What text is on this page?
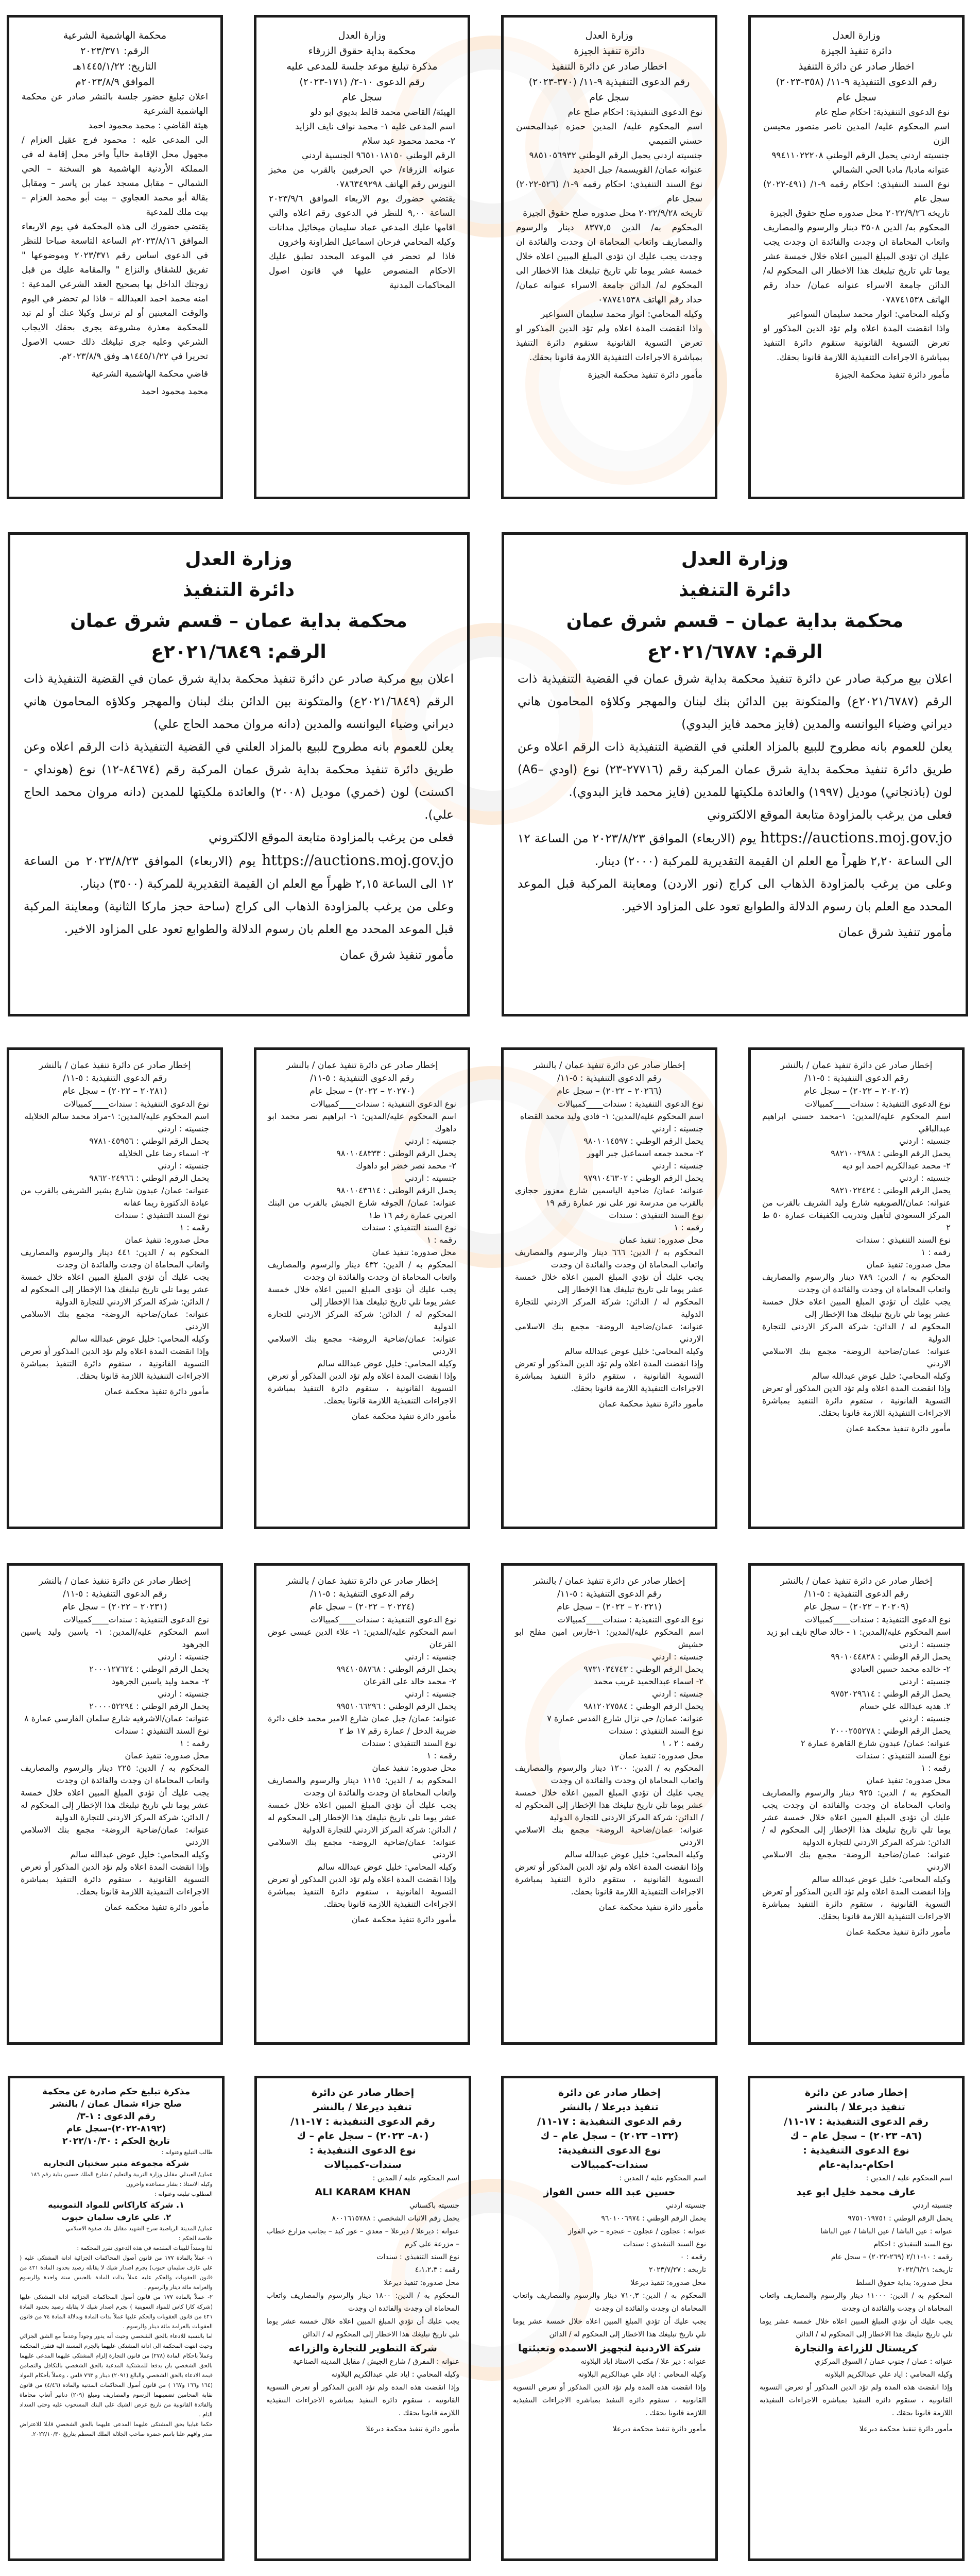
وزارة العدل
دائرة تنفيذ الجيزة
اخطار صادر عن دائرة التنفيذ
رقم الدعوى التنفيذية ٩-١١/ (٣٥٨-٢٠٢٣)
سجل عام
نوع الدعوى التنفيذية: احكام صلح عام
اسم المحكوم عليه/ المدين ناصر منصور محيسن الزن
جنسيته اردني يحمل الرقم الوطني ٩٩٤١١٠٢٢٢٠٨
عنوانه مادبا/ مادبا الحي الشمالي
نوع السند التنفيذي: احكام رقمه ٩-١/ (٤٩١-٢٠٢٢) سجل عام
تاريخه ٢٠٢٢/٩/٢٦ محل صدوره صلح حقوق الجيزة
المحكوم به/ الدين ٣٥٠٨ دينار والرسوم والمصاريف واتعاب المحاماة ان وجدت والفائدة ان وجدت يجب عليك ان تؤدي المبلغ المبين اعلاه خلال خمسة عشر يوما تلي تاريخ تبليغك هذا الاخطار الى المحكوم له/ الدائن جامعة الاسراء عنوانه عمان/ حداد رقم الهاتف ٠٧٨٧٤١٥٣٨
وكيله المحامي: انوار محمد سليمان السواعير
واذا انقضت المدة اعلاه ولم تؤد الدين المذكور او تعرض التسوية القانونية ستقوم دائرة التنفيذ بمباشرة الاجراءات التنفيذية اللازمة قانونا بحقك.
مأمور دائرة تنفيذ محكمة الجيزة
وزارة العدل
دائرة تنفيذ الجيزة
اخطار صادر عن دائرة التنفيذ
رقم الدعوى التنفيذية ٩-١١/ (٣٧٠-٢٠٢٣)
سجل عام
نوع الدعوى التنفيذية: احكام صلح عام
اسم المحكوم عليه/ المدين حمزه عبدالمحسن حسني التميمي
جنسيته اردني يحمل الرقم الوطني ٩٨٥١٠٥٦٩٣٢
عنوانه عمان/ القويسمة/ جبل الحديد
نوع السند التنفيذي: احكام رقمه ٩-١/ (٥٢٦-٢٠٢٢) سجل عام
تاريخه ٢٠٢٢/٩/٢٨ محل صدوره صلح حقوق الجيزة
المحكوم به/ الدين ٨٣٧٧,٥ دينار والرسوم والمصاريف واتعاب المحاماة ان وجدت والفائدة ان وجدت يجب عليك ان تؤدي المبلغ المبين اعلاه خلال خمسة عشر يوما تلي تاريخ تبليغك هذا الاخطار الى المحكوم له/ الدائن جامعة الاسراء عنوانه عمان/ حداد رقم الهاتف ٠٧٨٧٤١٥٣٨
وكيله المحامي: انوار محمد سليمان السواعير
واذا انقضت المدة اعلاه ولم تؤد الدين المذكور او تعرض التسوية القانونية ستقوم دائرة التنفيذ بمباشرة الاجراءات التنفيذية اللازمة قانونا بحقك.
مأمور دائرة تنفيذ محكمة الجيزة
وزارة العدل
محكمة بداية حقوق الزرقاء
مذكرة تبليغ موعد جلسة للمدعى عليه
رقم الدعوى ١٠-٢/ (١٧١-٢٠٢٣)
سجل عام
الهيئة/ القاضي محمد قالط بديوي ابو دلو
اسم المدعى عليه ١- محمد نواف نايف الزايد
٢- محمد محمود عبد سلام
الرقم الوطني ٩٦٥١٠١٨١٥٠ الجنسية اردني
عنوانه الزرقاء/ حي الحرفيين بالقرب من مخبز النورس رقم الهاتف ٠٧٨٦٣٤٩٢٩٨
يقتضي حضورك يوم الاربعاء الموافق ٢٠٢٣/٩/٦ الساعة ٩,٠٠ للنظر في الدعوى رقم اعلاه والتي اقامها عليك المدعي عماد سليمان ميخائيل مدانات وكيله المحامي فرحان اسماعيل الطراونة واخرون
فاذا لم تحضر في الموعد المحدد تطبق عليك الاحكام المنصوص عليها في قانون اصول المحاكمات المدنية
محكمة الهاشمية الشرعية
الرقم: ٢٠٢٣/٣٧١
التاريخ: ١٤٤٥/١/٢٢هـ
الموافق ٢٠٢٣/٨/٩م
اعلان تبليغ حضور جلسة بالنشر صادر عن محكمة الهاشمية الشرعية
هيئة القاضي : محمد محمود احمد
الى المدعى عليه : محمود فرج عقيل العزام / مجهول محل الإقامة حالياً واخر محل إقامة له في المملكة الأردنية الهاشمية هو السخنة – الحي الشمالي – مقابل مسجد عمار بن ياسر – ومقابل بقالة أبو محمد العجاوي – بيت أبو محمد العزام – بيت ملك للمدعية
يقتضي حضورك الى هذه المحكمة في يوم الاربعاء الموافق ٢٠٢٣/٨/١٦م الساعة التاسعة صباحا للنظر في الدعوى اساس رقم ٢٠٢٣/٣٧١ وموضوعها " تفريق للشقاق والنزاع " والمقامة عليك من قبل زوجتك الداخل بها بصحيح العقد الشرعي المدعية : امنه محمد احمد العبدالله – فاذا لم تحضر في اليوم والوقت المعينين أو لم ترسل وكيلا عنك أو لم تبد للمحكمة معذرة مشروعة يجرى بحقك الايجاب الشرعي وعليه جرى تبليغك ذلك حسب الاصول تحريرا في ١٤٤٥/١/٢٢هـ وفق ٢٠٢٣/٨/٩م.
قاضي محكمة الهاشمية الشرعية
محمد محمود احمد
وزارة العدل
دائرة التنفيذ
محكمة بداية عمان – قسم شرق عمان
الرقم: ٢٠٢١/٦٧٨٧ع
اعلان بيع مركبة صادر عن دائرة تنفيذ محكمة بداية شرق عمان في القضية التنفيذية ذات الرقم (٢٠٢١/٦٧٨٧ع) والمتكونة بين الدائن بنك لبنان والمهجر وكلاؤه المحامون هاني ديراني وضياء اليوانسه والمدين (فايز محمد فايز البدوي)
يعلن للعموم بانه مطروح للبيع بالمزاد العلني في القضية التنفيذية ذات الرقم اعلاه وعن طريق دائرة تنفيذ محكمة بداية شرق عمان المركبة رقم (٢٧٧١٦-٢٣) نوع (اودي –A6) لون (باذنجاني) موديل (١٩٩٧) والعائدة ملكيتها للمدين (فايز محمد فايز البدوي).
فعلى من يرغب بالمزاودة متابعة الموقع الالكتروني
https://auctions.moj.gov.jo يوم (الاربعاء) الموافق ٢٠٢٣/٨/٢٣ من الساعة ١٢ الى الساعة ٢,٢٠ ظهراً مع العلم ان القيمة التقديرية للمركبة (٢٠٠٠) دينار.
وعلى من يرغب بالمزاودة الذهاب الى كراج (نور الاردن) ومعاينة المركبة قبل الموعد المحدد مع العلم بان رسوم الدلالة والطوابع تعود على المزاود الاخير.
مأمور تنفيذ شرق عمان
وزارة العدل
دائرة التنفيذ
محكمة بداية عمان – قسم شرق عمان
الرقم: ٢٠٢١/٦٨٤٩ع
اعلان بيع مركبة صادر عن دائرة تنفيذ محكمة بداية شرق عمان في القضية التنفيذية ذات الرقم (٢٠٢١/٦٨٤٩ع) والمتكونة بين الدائن بنك لبنان والمهجر وكلاؤه المحامون هاني ديراني وضياء اليوانسه والمدين (دانه مروان محمد الحاج علي)
يعلن للعموم بانه مطروح للبيع بالمزاد العلني في القضية التنفيذية ذات الرقم اعلاه وعن طريق دائرة تنفيذ محكمة بداية شرق عمان المركبة رقم (٨٤٦٧٤-١٢) نوع (هونداي - اكسنت) لون (خمري) موديل (٢٠٠٨) والعائدة ملكيتها للمدين (دانه مروان محمد الحاج علي).
فعلى من يرغب بالمزاودة متابعة الموقع الالكتروني
https://auctions.moj.gov.jo يوم (الاربعاء) الموافق ٢٠٢٣/٨/٢٣ من الساعة ١٢ الى الساعة ٢,١٥ ظهراً مع العلم ان القيمة التقديرية للمركبة (٣٥٠٠) دينار.
وعلى من يرغب بالمزاودة الذهاب الى كراج (ساحة حجز ماركا الثانية) ومعاينة المركبة قبل الموعد المحدد مع العلم بان رسوم الدلالة والطوابع تعود على المزاود الاخير.
مأمور تنفيذ شرق عمان
إخطار صادر عن دائرة تنفيذ عمان / بالنشر
رقم الدعوى التنفيذية : ٥-١١/
(٢٠٢٠٢ – ٢٠٢٢) – سجل عام
نوع الدعوى التنفيذية : سندات____كمبيالات
اسم المحكوم عليه/المدين: ١-محمد حسني ابراهيم عبدالباقي
جنسيته : اردني
يحمل الرقم الوطني : ٩٨٢١٠٠٢٩٨٨
٢- محمد عبدالكريم احمد ابو ديه
جنسيته : اردني
يحمل الرقم الوطني : ٩٨٢١٠٢٢٤٢٤
عنوانه: عمان/الصويفيه شارع وليد الشريف بالقرب من المركز السعودي لتأهيل وتدريب الكفيفات عمارة ٥٠ ط ٢
نوع السند التنفيذي : سندات
رقمه : ١
محل صدوره: تنفيذ عمان
المحكوم به / الدين: ٧٨٩ دينار والرسوم والمصاريف واتعاب المحاماة ان وجدت والفائدة ان وجدت
يجب عليك أن تؤدي المبلغ المبين اعلاه خلال خمسة عشر يوما تلي تاريخ تبليغك هذا الإخطار إلى
المحكوم له / الدائن: شركة المركز الاردني للتجارة الدولية
عنوانه: عمان/ضاحية الروضة- مجمع بنك الاسلامي الاردني
وكيله المحامي: خليل عوض عبدالله سالم
وإذا انقضت المدة اعلاه ولم تؤد الدين المذكور أو تعرض التسوية القانونية ، ستقوم دائرة التنفيذ بمباشرة الاجراءات التنفيذية اللازمة قانونا بحقك.
مأمور دائرة تنفيذ محكمة عمان
إخطار صادر عن دائرة تنفيذ عمان / بالنشر
رقم الدعوى التنفيذية : ٥-١١/
(٢٠٢٦٦ – ٢٠٢٢) – سجل عام
نوع الدعوى التنفيذية : سندات____كمبيالات
اسم المحكوم عليه/المدين: ١- فادي وليد محمد القضاه
جنسيته : اردني
يحمل الرقم الوطني : ٩٨٠١٠١٤٥٩٧
٢- محمد جمعه اسماعيل جبر الهور
جنسيته : اردني
يحمل الرقم الوطني : ٩٧٩١٠٤٦٣٠٢
عنوانه: عمان/ ضاحية الياسمين شارع معزوز حجازي بالقرب من مدرسة نور على نور عمارة رقم ١٩
نوع السند التنفيذي : سندات
رقمه : ١
محل صدوره: تنفيذ عمان
المحكوم به / الدين: ٦٦٦ دينار والرسوم والمصاريف واتعاب المحاماة ان وجدت والفائدة ان وجدت
يجب عليك أن تؤدي المبلغ المبين اعلاه خلال خمسة عشر يوما تلي تاريخ تبليغك هذا الإخطار إلى
المحكوم له / الدائن: شركة المركز الاردني للتجارة الدولية
عنوانه: عمان/ضاحية الروضة- مجمع بنك الاسلامي الاردني
وكيله المحامي: خليل عوض عبدالله سالم
وإذا انقضت المدة اعلاه ولم تؤد الدين المذكور أو تعرض التسوية القانونية ، ستقوم دائرة التنفيذ بمباشرة الاجراءات التنفيذية اللازمة قانونا بحقك.
مأمور دائرة تنفيذ محكمة عمان
إخطار صادر عن دائرة تنفيذ عمان / بالنشر
رقم الدعوى التنفيذية : ٥-١١/
(٢٠٢٧٠ – ٢٠٢٢) – سجل عام
نوع الدعوى التنفيذية : سندات____كمبيالات
اسم المحكوم عليه/المدين: ١- ابراهيم نصر محمد ابو داهوك
جنسيته : اردني
يحمل الرقم الوطني : ٩٨٠١٠٤٨٣٣٣
٢- محمد نصر خضر ابو داهوك
جنسيته : اردني
يحمل الرقم الوطني : ٩٨٠١٠٤٣٦١٤
عنوانه: عمان/ الجوفه شارع الجيش بالقرب من البنك العربي عمارة رقم ١٦ ط١
نوع السند التنفيذي : سندات
رقمه : ١
محل صدوره: تنفيذ عمان
المحكوم به / الدين: ٤٣٢ دينار والرسوم والمصاريف واتعاب المحاماة ان وجدت والفائدة ان وجدت
يجب عليك أن تؤدي المبلغ المبين اعلاه خلال خمسة عشر يوما تلي تاريخ تبليغك هذا الإخطار إلى
المحكوم له / الدائن: شركة المركز الاردني للتجارة الدولية
عنوانه: عمان/ضاحية الروضة- مجمع بنك الاسلامي الاردني
وكيله المحامي: خليل عوض عبدالله سالم
وإذا انقضت المدة اعلاه ولم تؤد الدين المذكور أو تعرض التسوية القانونية ، ستقوم دائرة التنفيذ بمباشرة الاجراءات التنفيذية اللازمة قانونا بحقك.
مأمور دائرة تنفيذ محكمة عمان
إخطار صادر عن دائرة تنفيذ عمان / بالنشر
رقم الدعوى التنفيذية : ٥-١١/
(٢٠٢٨١ – ٢٠٢٢) – سجل عام
نوع الدعوى التنفيذية : سندات____كمبيالات
اسم المحكوم عليه/المدين: ١-مراد محمد سالم الخلايله
جنسيته : اردني
يحمل الرقم الوطني : ٩٧٨١٠٤٥٩٥٦
٢- اسماء رضا علي الخلايله
جنسيته : اردني
يحمل الرقم الوطني : ٩٨٦٢٠٢٤٩٦٦
عنوانه: عمان/ عبدون شارع بشير الشريفي بالقرب من عيادة الدكتورة ريما عفانه
نوع السند التنفيذي : سندات
رقمه : ١
محل صدوره: تنفيذ عمان
المحكوم به / الدين: ٤٤١ دينار والرسوم والمصاريف واتعاب المحاماة ان وجدت والفائدة ان وجدت
يجب عليك أن تؤدي المبلغ المبين اعلاه خلال خمسة عشر يوما تلي تاريخ تبليغك هذا الإخطار إلى المحكوم له / الدائن: شركة المركز الاردني للتجارة الدولية
عنوانه: عمان/ضاحية الروضة- مجمع بنك الاسلامي الاردني
وكيله المحامي: خليل عوض عبدالله سالم
وإذا انقضت المدة اعلاه ولم تؤد الدين المذكور أو تعرض التسوية القانونية ، ستقوم دائرة التنفيذ بمباشرة الاجراءات التنفيذية اللازمة قانونا بحقك.
مأمور دائرة تنفيذ محكمة عمان
إخطار صادر عن دائرة تنفيذ عمان / بالنشر
رقم الدعوى التنفيذية : ٥-١١/
(٢٠٢٠٩ – ٢٠٢٢) – سجل عام
نوع الدعوى التنفيذية : سندات____كمبيالات
اسم المحكوم عليه/المدين: ١ - خالد صالح نايف ابو زيد
جنسيته : اردني
يحمل الرقم الوطني : ٩٩٠١٠٤٤٨٢٨
٢- خالده محمد حسين العبادي
جنسيته : اردني
يحمل الرقم الوطني : ٩٧٥٢٠٢٩٦١٤
٢. هديه عبدالله علي حسام
جنسيته : اردني
يحمل الرقم الوطني : ٢٠٠٠٢٥٥٢٧٨
عنوانه: عمان/ عبدون شارع القاهرة عمارة ٢
نوع السند التنفيذي : سندات
رقمه : ١
محل صدوره: تنفيذ عمان
المحكوم به / الدين: ٩٢٥ دينار والرسوم والمصاريف واتعاب المحاماة ان وجدت والفائدة ان وجدت يجب عليك أن تؤدي المبلغ المبين اعلاه خلال خمسة عشر يوما تلي تاريخ تبليغك هذا الإخطار إلى المحكوم له / الدائن: شركة المركز الاردني للتجارة الدولية
عنوانه: عمان/ضاحية الروضة- مجمع بنك الاسلامي الاردني
وكيله المحامي: خليل عوض عبدالله سالم
وإذا انقضت المدة اعلاه ولم تؤد الدين المذكور أو تعرض التسوية القانونية ، ستقوم دائرة التنفيذ بمباشرة الاجراءات التنفيذية اللازمة قانونا بحقك.
مأمور دائرة تنفيذ محكمة عمان
إخطار صادر عن دائرة تنفيذ عمان / بالنشر
رقم الدعوى التنفيذية : ٥-١١/
(٢٠٢٢١ – ٢٠٢٢) – سجل عام
نوع الدعوى التنفيذية : سندات____كمبيالات
اسم المحكوم عليه/المدين: ١-فارس امين مفلح ابو حشيش
جنسيته : اردني
يحمل الرقم الوطني : ٩٧٣١٠٣٤٧٤٣
٢- اسماء عبدالحميد غريب محمد
جنسيته : اردني
يحمل الرقم الوطني : ٩٨١٢٠٢٧٥٨٤
عنوانه: عمان/ حي نزال شارع القدس عمارة ٧
نوع السند التنفيذي : سندات
رقمه : ٢ ، ١
محل صدوره: تنفيذ عمان
المحكوم به / الدين: ١٢٠٠ دينار والرسوم والمصاريف واتعاب المحاماة ان وجدت والفائدة ان وجدت
يجب عليك أن تؤدي المبلغ المبين اعلاه خلال خمسة عشر يوما تلي تاريخ تبليغك هذا الإخطار إلى المحكوم له / الدائن: شركة المركز الاردني للتجارة الدولية
عنوانه: عمان/ضاحية الروضة- مجمع بنك الاسلامي الاردني
وكيله المحامي: خليل عوض عبدالله سالم
وإذا انقضت المدة اعلاه ولم تؤد الدين المذكور أو تعرض التسوية القانونية ، ستقوم دائرة التنفيذ بمباشرة الاجراءات التنفيذية اللازمة قانونا بحقك.
مأمور دائرة تنفيذ محكمة عمان
إخطار صادر عن دائرة تنفيذ عمان / بالنشر
رقم الدعوى التنفيذية : ٥-١١/
(٢٠٢٢٤ – ٢٠٢٢) – سجل عام
نوع الدعوى التنفيذية : سندات____كمبيالات
اسم المحكوم عليه/المدين: ١- علاء الدين عيسى عوض القرعان
جنسيته : اردني
يحمل الرقم الوطني : ٩٩٤١٠٥٨٧٦٨
٢- محمد خالد علي القرعان
جنسيته : اردني
يحمل الرقم الوطني : ٩٩٥١٠٦٦٢٩٦
عنوانه: عمان/ جبل عمان شارع الامير محمد خلف دائرة ضريبة الدخل / عمارة رقم ١٧ ط ٢
نوع السند التنفيذي : سندات
رقمه : ١
محل صدوره: تنفيذ عمان
المحكوم به / الدين: ١١١٥ دينار والرسوم والمصاريف واتعاب المحاماة ان وجدت والفائدة ان وجدت
يجب عليك أن تؤدي المبلغ المبين اعلاه خلال خمسة عشر يوما تلي تاريخ تبليغك هذا الإخطار إلى المحكوم له / الدائن: شركة المركز الاردني للتجارة الدولية
عنوانه: عمان/ضاحية الروضة- مجمع بنك الاسلامي الاردني
وكيله المحامي: خليل عوض عبدالله سالم
وإذا انقضت المدة اعلاه ولم تؤد الدين المذكور أو تعرض التسوية القانونية ، ستقوم دائرة التنفيذ بمباشرة الاجراءات التنفيذية اللازمة قانونا بحقك.
مأمور دائرة تنفيذ محكمة عمان
إخطار صادر عن دائرة تنفيذ عمان / بالنشر
رقم الدعوى التنفيذية : ٥-١١/
(٢٠٢٣١ – ٢٠٢٢) – سجل عام
نوع الدعوى التنفيذية : سندات____كمبيالات
اسم المحكوم عليه/المدين: ١- ياسين وليد ياسين الجرهود
جنسيته : اردني
يحمل الرقم الوطني : ٢٠٠٠١٢٧٦٢٤
٢- محمد وليد ياسين الجرهود
جنسيته : اردني
يحمل الرقم الوطني : ٢٠٠٠٠٥٢٢٩٤
عنوانه: عمان/الاشرفيه شارع سلمان الفارسي عمارة ٨
نوع السند التنفيذي : سندات
رقمه : ١
محل صدوره: تنفيذ عمان
المحكوم به / الدين: ٢٢٥ دينار والرسوم والمصاريف واتعاب المحاماة ان وجدت والفائدة ان وجدت
يجب عليك أن تؤدي المبلغ المبين اعلاه خلال خمسة عشر يوما تلي تاريخ تبليغك هذا الإخطار إلى المحكوم له / الدائن: شركة المركز الاردني للتجارة الدولية
عنوانه: عمان/ضاحية الروضة- مجمع بنك الاسلامي الاردني
وكيله المحامي: خليل عوض عبدالله سالم
وإذا انقضت المدة اعلاه ولم تؤد الدين المذكور أو تعرض التسوية القانونية ، ستقوم دائرة التنفيذ بمباشرة الاجراءات التنفيذية اللازمة قانونا بحقك.
مأمور دائرة تنفيذ محكمة عمان
إخطار صادر عن دائرة
تنفيذ ديرعلا / بالنشر
رقم الدعوى التنفيذية : ١٧-١١/
(٨٦– ٢٠٢٣) – سجل عام – ك
نوع الدعوى التنفيذية :
احكام-بداية-عام
اسم المحكوم عليه / المدين :
عارف محمد خليل ابو عيد
جنسيته اردني
يحمل الرقم الوطني : ٩٧٥١٠١٩٧٥١
عنوانه : عين الباشا / عين الباشا / عين الباشا
نوع السند التنفيذي : احكام
رقمه : ١٠-٢/١١ (٢٦٩-٢٠٢٢) – سجل عام
تاريخه: ٢٠٢٢/٦/٢١
محل صدوره: بداية حقوق السلط
المحكوم به / الدين: ١١٠٠٠ دينار والرسوم والمصاريف واتعاب المحاماة ان وجدت والفائدة ان وجدت
يجب عليك أن تؤدي المبلغ المبين اعلاه خلال خمسة عشر يوما تلي تاريخ تبليغك هذا الاخطار إلى المحكوم له / الدائن
كريستال للزراعة والتجارة
عنوانه : عمان / جنوب عمان / السوق المركزي
وكيله المحامي : اياد علي عبدالكريم البلاونه
وإذا انقضت هذه المدة ولم تؤد الدين المذكور أو تعرض التسوية القانونية ، ستقوم دائرة التنفيذ بمباشرة الاجراءات التنفيذية اللازمة قانونا بحقك .
مأمور دائرة تنفيذ محكمة ديرعلا
إخطار صادر عن دائرة
تنفيذ ديرعلا / بالنشر
رقم الدعوى التنفيذية : ١٧-١١/
(١٣٢– ٢٠٢٣) – سجل عام – ك
نوع الدعوى التنفيذية:
سندات-كمبيالات
اسم المحكوم عليه / المدين :
حسين عبد الله حسن الفواز
جنسيته اردني
يحمل الرقم الوطني : ٩٦٠١٠٠٦٩٧٤
عنوانه : عجلون / عجلون – عنجرة – حي الفواز
نوع السند التنفيذي : سندات
رقمه : ٠
تاريخه : ٢٠٢٣/٧/٢٧
محل صدوره: تنفيذ ديرعلا
المحكوم به / الدين: ٧١٠,٣ دينار والرسوم والمصاريف واتعاب المحاماة ان وجدت والفائدة ان وجدت
يجب عليك أن تؤدي المبلغ المبين اعلاه خلال خمسة عشر يوما تلي تاريخ تبليغك هذا الاخطار إلى المحكوم له / الدائن
شركة الاردنية لتجهيز الاسمده وتعبئتها
عنوانه : دير علا / مكتب الاستاذ اياد البلاونه
وكيله المحامي : اياد علي عبدالكريم البلاونه
وإذا انقضت هذه المدة ولم تؤد الدين المذكور أو تعرض التسوية القانونية ، ستقوم دائرة التنفيذ بمباشرة الاجراءات التنفيذية اللازمة قانونا بحقك .
مأمور دائرة تنفيذ محكمة ديرعلا
إخطار صادر عن دائرة
تنفيذ ديرعلا / بالنشر
رقم الدعوى التنفيذية : ١٧-١١/
(٨٠– ٢٠٢٣) – سجل عام – ك
نوع الدعوى التنفيذية :
سندات-كمبيالات
اسم المحكوم عليه / المدين :
ALI KARAM KHAN
جنسيته باكستاني
يحمل رقم الاثبات الشخصي : ٨٠٠١٦١٥٧٨٨
عنوانه : ديرعلا / ديرعلا – معدي – غور كبد – بجانب مزارع خطاب – مزرعة علي كرم
نوع السند التنفيذي : سندات
رقمه : ٤،١،٢،٣
محل صدوره: تنفيذ ديرعلا
المحكوم به / الدين: ١٨٠٠ دينار والرسوم والمصاريف واتعاب المحاماة ان وجدت والفائدة ان وجدت
يجب عليك أن تؤدي المبلغ المبين اعلاه خلال خمسة عشر يوما تلي تاريخ تبليغك هذا الاخطار إلى المحكوم له / الدائن
شركة التطوير للتجارة والزراعه
عنوانه : المفرق / شارع الجيش / مقابل المدينه الصناعية
وكيله المحامي : اياد علي عبدالكريم البلاونه
وإذا انقضت هذه المدة ولم تؤد الدين المذكور أو تعرض التسوية القانونية ، ستقوم دائرة التنفيذ بمباشرة الاجراءات التنفيذية اللازمة قانونا بحقك .
مأمور دائرة تنفيذ محكمة ديرعلا
مذكرة تبليغ حكم صادرة عن محكمة
صلح جزاء شمال عمان / بالنشر
رقم الدعوى : ١-٣/
(٨١٩٢-٢٠٢٢)-سجل عام
تاريخ الحكم : ٢٠٢٢/١٠/٣٠
طالب التبليغ وعنوانه :
شركة مجموعة منير سختيان التجارية
عمان/ العبدلي مقابل وزارة التربية والتعليم / شارع الملك حسين بناية رقم ١٨٦
وكيله الاستاذ : بشار مساعده واخرون
المطلوب تبليغه وعنوانه :
١. شركة كاراكاس للمواد التموينيه
٢. علي عارف سلمان حبوب
عمان/ المدينة الرياضية سرح الشهيد مقابل بنك صفوة الاسلامي
خلاصة الحكم :
لذا وسنداً للبينات المقدمة في هذه الدعوى تقرر المحكمة :
١- عملاً بالمادة ١٧٧ من قانون أصول المحاكمات الجزائية ادانة المشتكى عليه ( علي عارف سليمان حبوب) بجرم اصدار شيك لا يقابله رصيد بحدود المادة ٤٢١ من قانون العقوبات والحكم عليه عملاً بذات المادة بالحبس سنة واحدة والرسوم والغرامة مائة دينار والرسوم .
٢- عملاً بالمادة ١٧٧ من قانون أصول المحاكمات الجزائية ادانة المشتكى عليها (شركة كارا كاس للمواد التموينية ) بجرم اصدار شيك لا يقابله رصيد بحدود المادة ٤٢١ من قانون العقوبات والحكم عليها عملاً بذات المادة وبدلالة المادة ٧٤ من قانون العقوبات بالغرامة مائة دينار والرسوم .
اما بالنسبة للادعاء بالحق الشخصي وحيث أنه يدور وجوداً وعدماً مع الشق الجزائي وحيث انتهت المحكمة الى ادانة المشتكى عليهما بالجرم المسند اليه فتقرر المحكمة وعملاً باحكام المادة (٢٧٨) من قانون التجارة إلزام المشتكى عليهما المدعى عليهما بالحق الشخصي بان يدفعا للمشتكية المدعية بالحق الشخصي بالتكافل والتضامن قيمة الادعاء بالحق الشخصي والبالغ (٢٠٩١) دينار و ٧٦٣ فلس ، وعملاً بأحكام المواد (١٦٤ و١٦٦ و١٦٧ ) من قانون أصول المحاكمات المدنية والمادة (٤/٤٦) من قانون نقابة المحامين تضمينهما الرسوم والمصاريف ومبلغ (٢٠٩) دنانير أتعاب محاماة والفائدة القانونية من تاريخ عرض الشيك على البنك المسحوب عليه وحتى السداد التام .
حكما غيابيا بحق المشتكى عليهما المدعى عليهما بالحق الشخصي قابلا للاعتراض صدر وافهم علنا باسم حضرة صاحب الجلالة الملك المعظم بتاريخ ٢٠٢٢/١٠/٣٠.
